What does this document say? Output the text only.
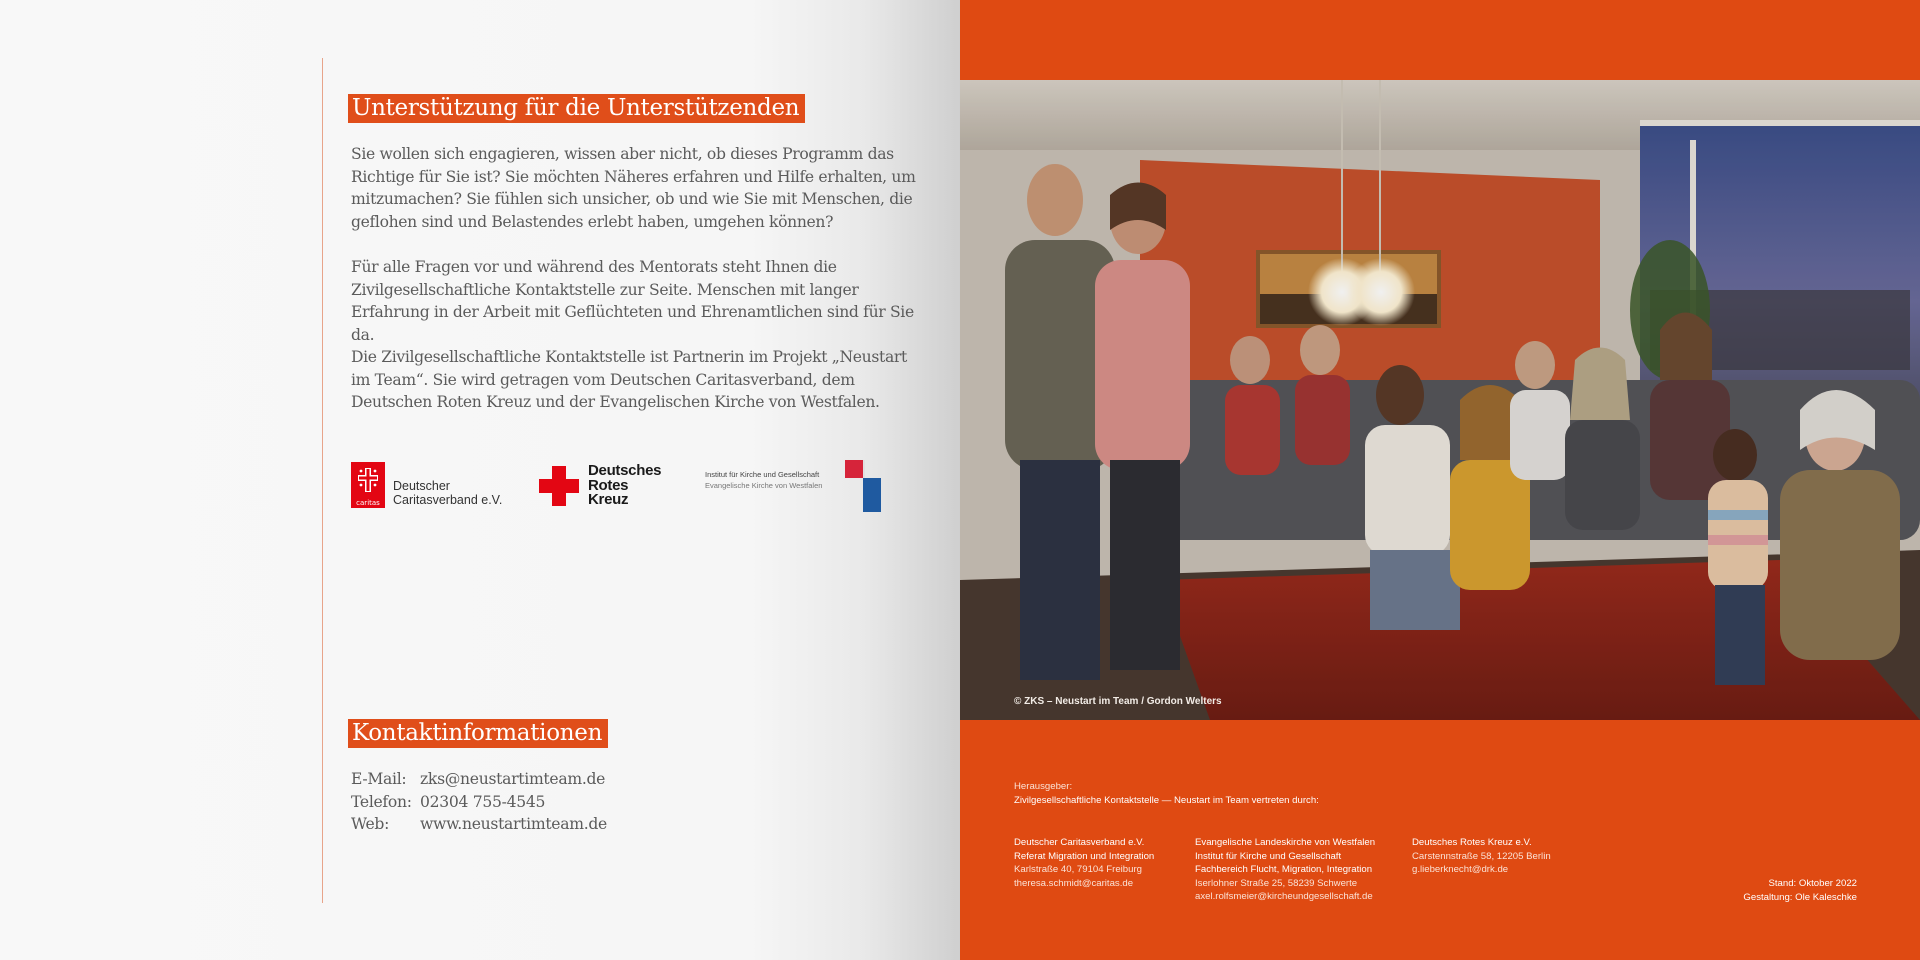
Unterstützung für die Unterstützenden

Sie wollen sich engagieren, wissen aber nicht, ob dieses Programm das Richtige für Sie ist? Sie möchten Näheres erfahren und Hilfe erhalten, um mitzumachen? Sie fühlen sich unsicher, ob und wie Sie mit Menschen, die geflohen sind und Belastendes erlebt haben, umgehen können?

Für alle Fragen vor und während des Mentorats steht Ihnen die Zivilgesellschaftliche Kontaktstelle zur Seite. Menschen mit langer Erfahrung in der Arbeit mit Geflüchteten und Ehrenamtlichen sind für Sie da.

Die Zivilgesellschaftliche Kontaktstelle ist Partnerin im Projekt „Neustart im Team“. Sie wird getragen vom Deutschen Caritasverband, dem Deutschen Roten Kreuz und der Evangelischen Kirche von Westfalen.

caritas
Deutscher
Caritasverband e.V.
Deutsches
Rotes
Kreuz
Institut für Kirche und Gesellschaft
Evangelische Kirche von Westfalen
Kontaktinformationen
E-Mail: zks@neustartimteam.de
Telefon: 02304 755-4545
Web:	www.neustartimteam.de
© ZKS – Neustart im Team / Gordon Welters
Herausgeber:
Zivilgesellschaftliche Kontaktstelle — Neustart im Team vertreten durch:
Deutscher Caritasverband e.V.
Referat Migration und Integration
Karlstraße 40, 79104 Freiburg
theresa.schmidt@caritas.de
Evangelische Landeskirche von Westfalen
Institut für Kirche und Gesellschaft
Fachbereich Flucht, Migration, Integration
Iserlohner Straße 25, 58239 Schwerte
axel.rolfsmeier@kircheundgesellschaft.de
Deutsches Rotes Kreuz e.V.
Carstennstraße 58, 12205 Berlin
g.lieberknecht@drk.de
Stand: Oktober 2022
Gestaltung: Ole Kaleschke
